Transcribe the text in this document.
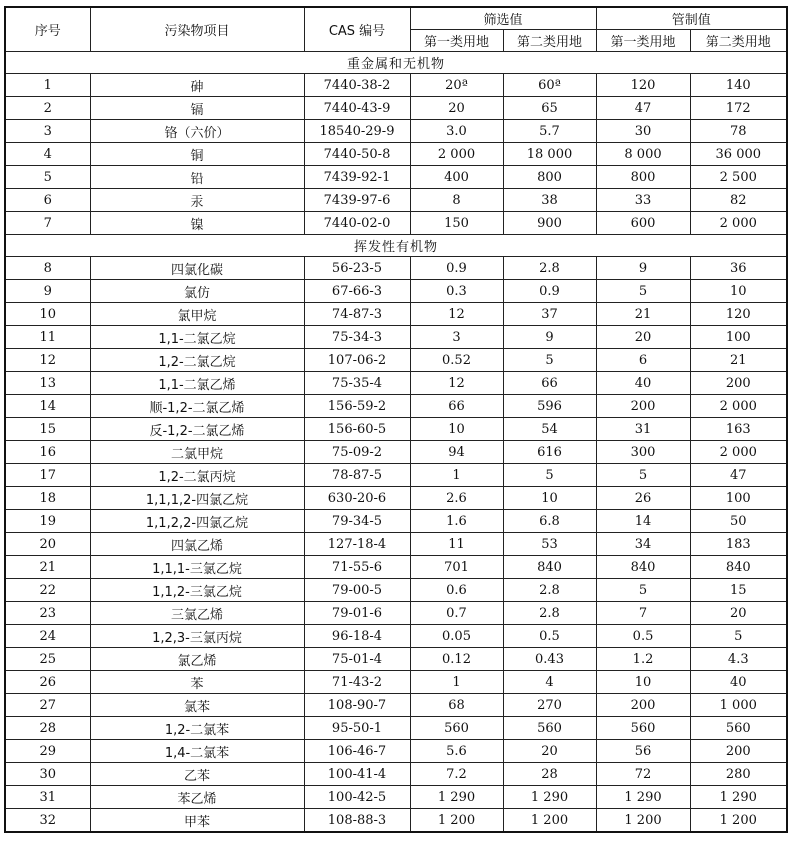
序号	污染物项目	CAS 编号	筛选值		管制值	
			第一类用地	第二类用地	第一类用地	第二类用地
重金属和无机物						
1	砷	7440-38-2	20ª	60ª	120	140
2	镉	7440-43-9	20	65	47	172
3	铬（六价）	18540-29-9	3.0	5.7	30	78
4	铜	7440-50-8	2 000	18 000	8 000	36 000
5	铅	7439-92-1	400	800	800	2 500
6	汞	7439-97-6	8	38	33	82
7	镍	7440-02-0	150	900	600	2 000
挥发性有机物						
8	四氯化碳	56-23-5	0.9	2.8	9	36
9	氯仿	67-66-3	0.3	0.9	5	10
10	氯甲烷	74-87-3	12	37	21	120
11	1,1-二氯乙烷	75-34-3	3	9	20	100
12	1,2-二氯乙烷	107-06-2	0.52	5	6	21
13	1,1-二氯乙烯	75-35-4	12	66	40	200
14	顺-1,2-二氯乙烯	156-59-2	66	596	200	2 000
15	反-1,2-二氯乙烯	156-60-5	10	54	31	163
16	二氯甲烷	75-09-2	94	616	300	2 000
17	1,2-二氯丙烷	78-87-5	1	5	5	47
18	1,1,1,2-四氯乙烷	630-20-6	2.6	10	26	100
19	1,1,2,2-四氯乙烷	79-34-5	1.6	6.8	14	50
20	四氯乙烯	127-18-4	11	53	34	183
21	1,1,1-三氯乙烷	71-55-6	701	840	840	840
22	1,1,2-三氯乙烷	79-00-5	0.6	2.8	5	15
23	三氯乙烯	79-01-6	0.7	2.8	7	20
24	1,2,3-三氯丙烷	96-18-4	0.05	0.5	0.5	5
25	氯乙烯	75-01-4	0.12	0.43	1.2	4.3
26	苯	71-43-2	1	4	10	40
27	氯苯	108-90-7	68	270	200	1 000
28	1,2-二氯苯	95-50-1	560	560	560	560
29	1,4-二氯苯	106-46-7	5.6	20	56	200
30	乙苯	100-41-4	7.2	28	72	280
31	苯乙烯	100-42-5	1 290	1 290	1 290	1 290
32	甲苯	108-88-3	1 200	1 200	1 200	1 200
